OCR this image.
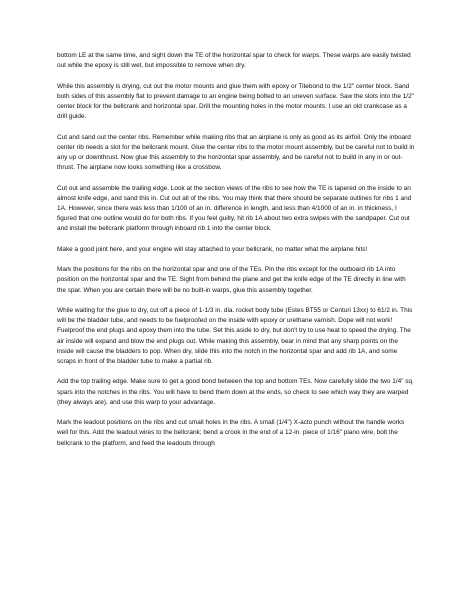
bottom LE at the same time, and sight down the TE of the horizontal spar to check for warps. These warps are easily twisted out while the epoxy is still wet, but impossible to remove when dry.

While this assembly is drying, cut out the motor mounts and glue them with epoxy or Titebond to the 1/2" center block. Sand both sides of this assembly flat to prevent damage to an engine being bolted to an uneven surface. Saw the slots into the 1/2" center block for the bellcrank and horizontal spar. Drill the mounting holes in the motor mounts. I use an old crankcase as a drill guide.

Cut and sand out the center ribs. Remember while making ribs that an airplane is only as good as its airfoil. Only the inboard center rib needs a slot for the bellcrank mount. Glue the center ribs to the motor mount assembly, but be careful not to build in any up or downthrust. Now glue this assembly to the horizontal spar assembly, and be careful not to build in any in or out-thrust. The airplane now looks something like a crossbow.

Cut out and assemble the trailing edge. Look at the section views of the ribs to see how the TE is tapered on the inside to an almost knife edge, and sand this in. Cut out all of the ribs. You may think that there should be separate outlines for ribs 1 and 1A. However, since there was less than 1/100 of an in. difference in length, and less than 4/1000 of an in. in thickness, I figured that one outline would do for both ribs. If you feel guilty, hit rib 1A about two extra swipes with the sandpaper. Cut out and install the bellcrank platform through inboard rib 1 into the center block.

Make a good joint here, and your engine will stay attached to your bellcrank, no matter what the airplane hits!

Mark the positions for the ribs on the horizontal spar and one of the TEs. Pin the ribs except for the outboard rib 1A into position on the horizontal spar and the TE. Sight from behind the plane and get the knife edge of the TE directly in line with the spar. When you are certain there will be no built-in warps, glue this assembly together.

While waiting for the glue to dry, cut off a piece of 1-1/3 in. dia. rocket body tube (Estes BT55 or Centuri 13xx) to 61/2 in. This will be the bladder tube, and needs to be fuelproofed on the inside with epoxy or urethane varnish. Dope will not work! Fuelproof the end plugs and epoxy them into the tube. Set this aside to dry, but don't try to use heat to speed the drying. The air inside will expand and blow the end plugs out. While making this assembly, bear in mind that any sharp points on the inside will cause the bladders to pop. When dry, slide this into the notch in the horizontal spar and add rib 1A, and some scraps in front of the bladder tube to make a partial rib.

Add the top trailing edge. Make sure to get a good bond between the top and bottom TEs. Now carefully slide the two 1/4" sq. spars into the notches in the ribs. You will have to bend them down at the ends, so check to see which way they are warped (they always are), and use this warp to your advantage.

Mark the leadout positions on the ribs and cut small holes in the ribs. A small (1/4") X-acto punch without the handle works well for this. Add the leadout wires to the bellcrank; bend a crook in the end of a 12-in. piece of 1/16" piano wire, bolt the bellcrank to the platform, and feed the leadouts through
